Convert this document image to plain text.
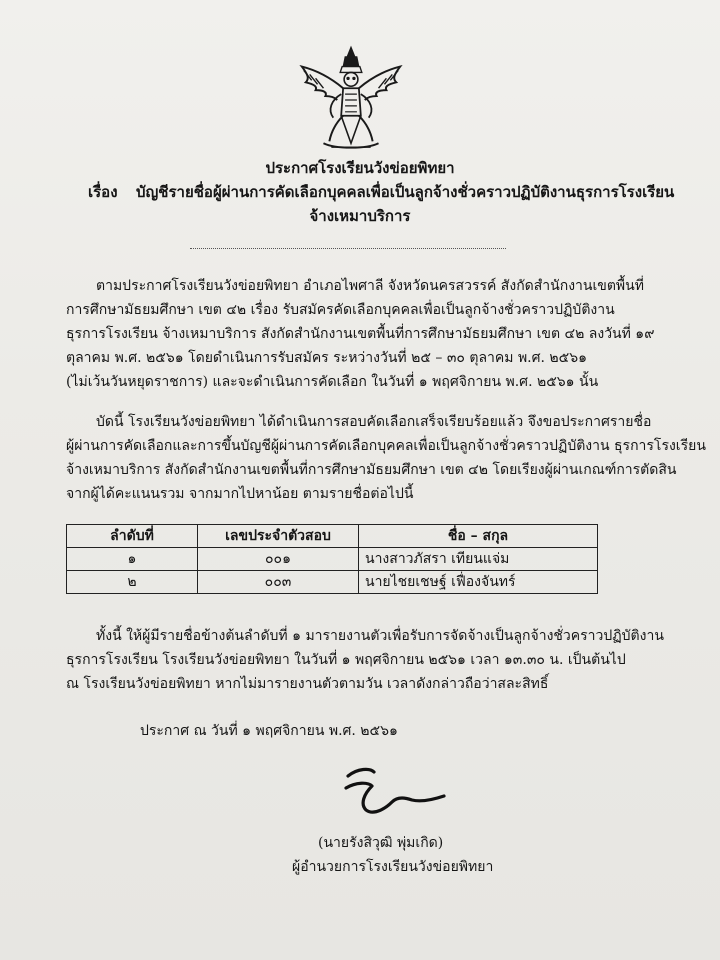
ประกาศโรงเรียนวังข่อยพิทยา
เรื่อง บัญชีรายชื่อผู้ผ่านการคัดเลือกบุคคลเพื่อเป็นลูกจ้างชั่วคราวปฏิบัติงานธุรการโรงเรียน
จ้างเหมาบริการ
ตามประกาศโรงเรียนวังข่อยพิทยา อำเภอไพศาลี จังหวัดนครสวรรค์ สังกัดสำนักงานเขตพื้นที่
การศึกษามัธยมศึกษา เขต ๔๒ เรื่อง รับสมัครคัดเลือกบุคคลเพื่อเป็นลูกจ้างชั่วคราวปฏิบัติงาน
ธุรการโรงเรียน จ้างเหมาบริการ สังกัดสำนักงานเขตพื้นที่การศึกษามัธยมศึกษา เขต ๔๒ ลงวันที่ ๑๙
ตุลาคม พ.ศ. ๒๕๖๑ โดยดำเนินการรับสมัคร ระหว่างวันที่ ๒๕ – ๓๐ ตุลาคม พ.ศ. ๒๕๖๑
(ไม่เว้นวันหยุดราชการ) และจะดำเนินการคัดเลือก ในวันที่ ๑ พฤศจิกายน พ.ศ. ๒๕๖๑ นั้น
บัดนี้ โรงเรียนวังข่อยพิทยา ได้ดำเนินการสอบคัดเลือกเสร็จเรียบร้อยแล้ว จึงขอประกาศรายชื่อ
ผู้ผ่านการคัดเลือกและการขึ้นบัญชีผู้ผ่านการคัดเลือกบุคคลเพื่อเป็นลูกจ้างชั่วคราวปฏิบัติงาน ธุรการโรงเรียน
จ้างเหมาบริการ สังกัดสำนักงานเขตพื้นที่การศึกษามัธยมศึกษา เขต ๔๒ โดยเรียงผู้ผ่านเกณฑ์การตัดสิน
จากผู้ได้คะแนนรวม จากมากไปหาน้อย ตามรายชื่อต่อไปนี้
ลำดับที่	เลขประจำตัวสอบ	ชื่อ – สกุล
๑	๐๐๑	นางสาวภัสรา เทียนแจ่ม
๒	๐๐๓	นายไชยเชษฐ์ เฟื่องจันทร์
ทั้งนี้ ให้ผู้มีรายชื่อข้างต้นลำดับที่ ๑ มารายงานตัวเพื่อรับการจัดจ้างเป็นลูกจ้างชั่วคราวปฏิบัติงาน
ธุรการโรงเรียน โรงเรียนวังข่อยพิทยา ในวันที่ ๑ พฤศจิกายน ๒๕๖๑ เวลา ๑๓.๓๐ น. เป็นต้นไป
ณ โรงเรียนวังข่อยพิทยา หากไม่มารายงานตัวตามวัน เวลาดังกล่าวถือว่าสละสิทธิ์
ประกาศ ณ วันที่ ๑ พฤศจิกายน พ.ศ. ๒๕๖๑
(นายรังสิวุฒิ พุ่มเกิด)
ผู้อำนวยการโรงเรียนวังข่อยพิทยา
